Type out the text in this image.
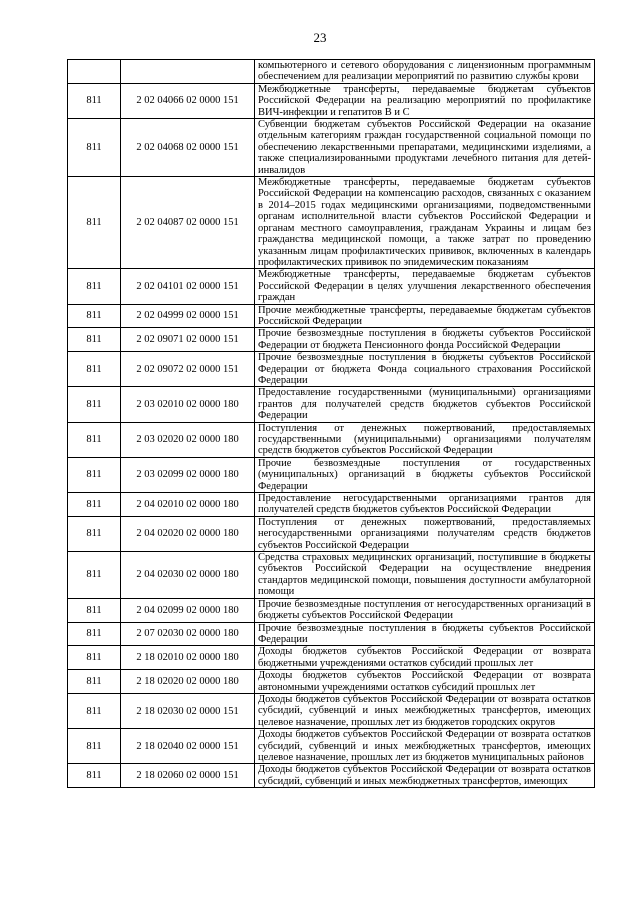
23
		компьютерного и сетевого оборудования с лицензионным программным обеспечением для реализации мероприятий по развитию службы крови
811	2 02 04066 02 0000 151	Межбюджетные трансферты, передаваемые бюджетам субъектов Российской Федерации на реализацию мероприятий по профилактике ВИЧ-инфекции и гепатитов В и С
811	2 02 04068 02 0000 151	Субвенции бюджетам субъектов Российской Федерации на оказание отдельным категориям граждан государственной социальной помощи по обеспечению лекарственными препаратами, медицинскими изделиями, а также специализированными продуктами лечебного питания для детей-инвалидов
811	2 02 04087 02 0000 151	Межбюджетные трансферты, передаваемые бюджетам субъектов Российской Федерации на компенсацию расходов, связанных с оказанием в 2014–2015 годах медицинскими организациями, подведомственными органам исполнительной власти субъектов Российской Федерации и органам местного самоуправления, гражданам Украины и лицам без гражданства медицинской помощи, а также затрат по проведению указанным лицам профилактических прививок, включенных в календарь профилактических прививок по эпидемическим показаниям
811	2 02 04101 02 0000 151	Межбюджетные трансферты, передаваемые бюджетам субъектов Российской Федерации в целях улучшения лекарственного обеспечения граждан
811	2 02 04999 02 0000 151	Прочие межбюджетные трансферты, передаваемые бюджетам субъектов Российской Федерации
811	2 02 09071 02 0000 151	Прочие безвозмездные поступления в бюджеты субъектов Российской Федерации от бюджета Пенсионного фонда Российской Федерации
811	2 02 09072 02 0000 151	Прочие безвозмездные поступления в бюджеты субъектов Российской Федерации от бюджета Фонда социального страхования Российской Федерации
811	2 03 02010 02 0000 180	Предоставление государственными (муниципальными) организациями грантов для получателей средств бюджетов субъектов Российской Федерации
811	2 03 02020 02 0000 180	Поступления от денежных пожертвований, предоставляемых государственными (муниципальными) организациями получателям средств бюджетов субъектов Российской Федерации
811	2 03 02099 02 0000 180	Прочие безвозмездные поступления от государственных (муниципальных) организаций в бюджеты субъектов Российской Федерации
811	2 04 02010 02 0000 180	Предоставление негосударственными организациями грантов для получателей средств бюджетов субъектов Российской Федерации
811	2 04 02020 02 0000 180	Поступления от денежных пожертвований, предоставляемых негосударственными организациями получателям средств бюджетов субъектов Российской Федерации
811	2 04 02030 02 0000 180	Средства страховых медицинских организаций, поступившие в бюджеты субъектов Российской Федерации на осуществление внедрения стандартов медицинской помощи, повышения доступности амбулаторной помощи
811	2 04 02099 02 0000 180	Прочие безвозмездные поступления от негосударственных организаций в бюджеты субъектов Российской Федерации
811	2 07 02030 02 0000 180	Прочие безвозмездные поступления в бюджеты субъектов Российской Федерации
811	2 18 02010 02 0000 180	Доходы бюджетов субъектов Российской Федерации от возврата бюджетными учреждениями остатков субсидий прошлых лет
811	2 18 02020 02 0000 180	Доходы бюджетов субъектов Российской Федерации от возврата автономными учреждениями остатков субсидий прошлых лет
811	2 18 02030 02 0000 151	Доходы бюджетов субъектов Российской Федерации от возврата остатков субсидий, субвенций и иных межбюджетных трансфертов, имеющих целевое назначение, прошлых лет из бюджетов городских округов
811	2 18 02040 02 0000 151	Доходы бюджетов субъектов Российской Федерации от возврата остатков субсидий, субвенций и иных межбюджетных трансфертов, имеющих целевое назначение, прошлых лет из бюджетов муниципальных районов
811	2 18 02060 02 0000 151	Доходы бюджетов субъектов Российской Федерации от возврата остатков субсидий, субвенций и иных межбюджетных трансфертов, имеющих
